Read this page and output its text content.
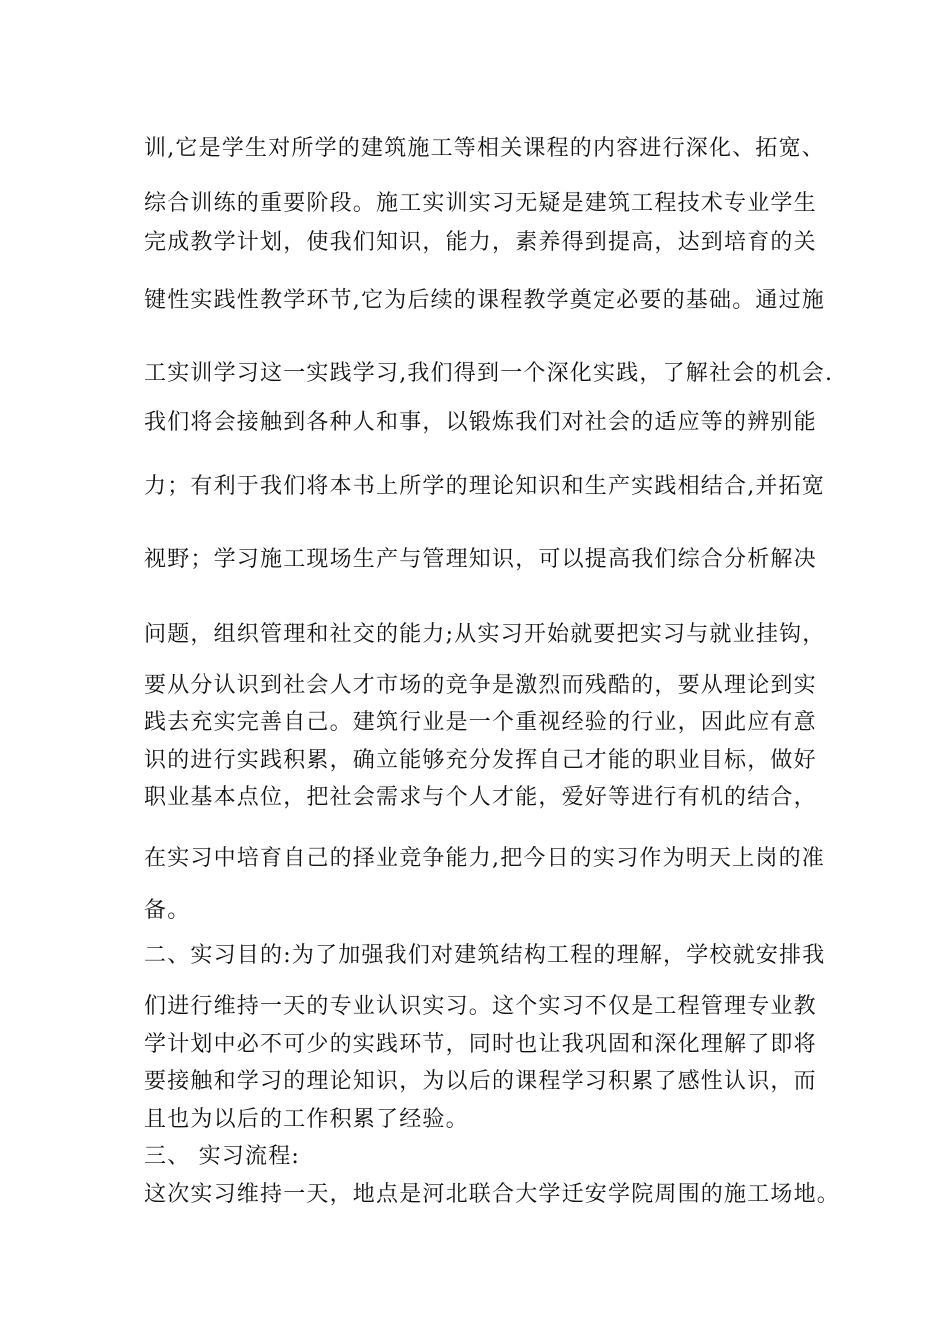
训,它是学生对所学的建筑施工等相关课程的内容进行深化、拓宽、
综合训练的重要阶段。施工实训实习无疑是建筑工程技术专业学生
完成教学计划，使我们知识，能力，素养得到提高，达到培育的关
键性实践性教学环节,它为后续的课程教学奠定必要的基础。通过施
工实训学习这一实践学习,我们得到一个深化实践，了解社会的机会.
我们将会接触到各种人和事，以锻炼我们对社会的适应等的辨别能
力；有利于我们将本书上所学的理论知识和生产实践相结合,并拓宽
视野；学习施工现场生产与管理知识，可以提高我们综合分析解决
问题，组织管理和社交的能力;从实习开始就要把实习与就业挂钩，
要从分认识到社会人才市场的竞争是激烈而残酷的，要从理论到实
践去充实完善自己。建筑行业是一个重视经验的行业，因此应有意
识的进行实践积累，确立能够充分发挥自己才能的职业目标，做好
职业基本点位，把社会需求与个人才能，爱好等进行有机的结合，
在实习中培育自己的择业竞争能力,把今日的实习作为明天上岗的准
备。
二、实习目的:为了加强我们对建筑结构工程的理解，学校就安排我
们进行维持一天的专业认识实习。这个实习不仅是工程管理专业教
学计划中必不可少的实践环节，同时也让我巩固和深化理解了即将
要接触和学习的理论知识，为以后的课程学习积累了感性认识，而
且也为以后的工作积累了经验。
三、 实习流程:
这次实习维持一天，地点是河北联合大学迁安学院周围的施工场地。
